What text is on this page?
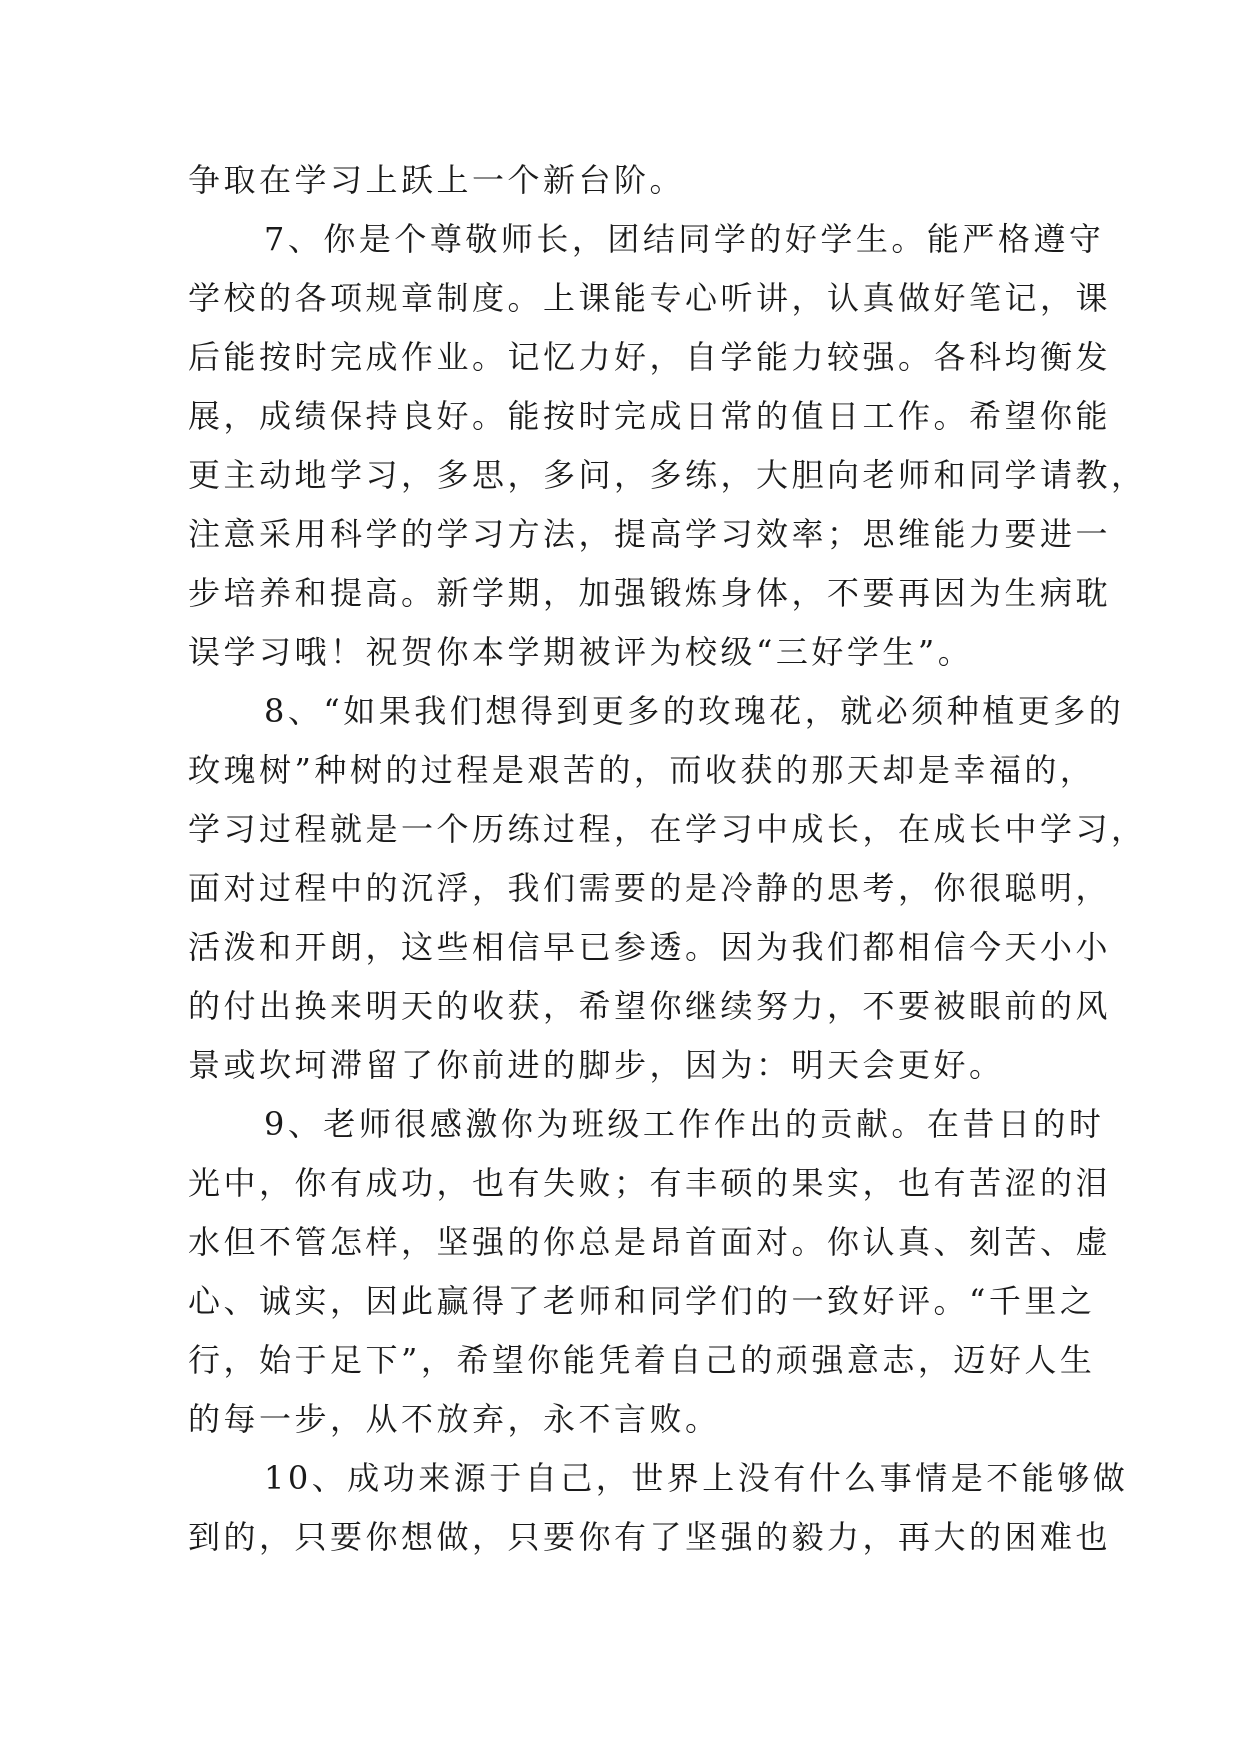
争取在学习上跃上一个新台阶。
7、你是个尊敬师长，团结同学的好学生。能严格遵守
学校的各项规章制度。上课能专心听讲，认真做好笔记，课
后能按时完成作业。记忆力好，自学能力较强。各科均衡发
展，成绩保持良好。能按时完成日常的值日工作。希望你能
更主动地学习，多思，多问，多练，大胆向老师和同学请教，
注意采用科学的学习方法，提高学习效率；思维能力要进一
步培养和提高。新学期，加强锻炼身体，不要再因为生病耽
误学习哦！祝贺你本学期被评为校级“三好学生”。
8、“如果我们想得到更多的玫瑰花，就必须种植更多的
玫瑰树”种树的过程是艰苦的，而收获的那天却是幸福的，
学习过程就是一个历练过程，在学习中成长，在成长中学习，
面对过程中的沉浮，我们需要的是冷静的思考，你很聪明，
活泼和开朗，这些相信早已参透。因为我们都相信今天小小
的付出换来明天的收获，希望你继续努力，不要被眼前的风
景或坎坷滞留了你前进的脚步，因为：明天会更好。
9、老师很感激你为班级工作作出的贡献。在昔日的时
光中，你有成功，也有失败；有丰硕的果实，也有苦涩的泪
水但不管怎样，坚强的你总是昂首面对。你认真、刻苦、虚
心、诚实，因此赢得了老师和同学们的一致好评。“千里之
行，始于足下”，希望你能凭着自己的顽强意志，迈好人生
的每一步，从不放弃，永不言败。
10、成功来源于自己，世界上没有什么事情是不能够做
到的，只要你想做，只要你有了坚强的毅力，再大的困难也
